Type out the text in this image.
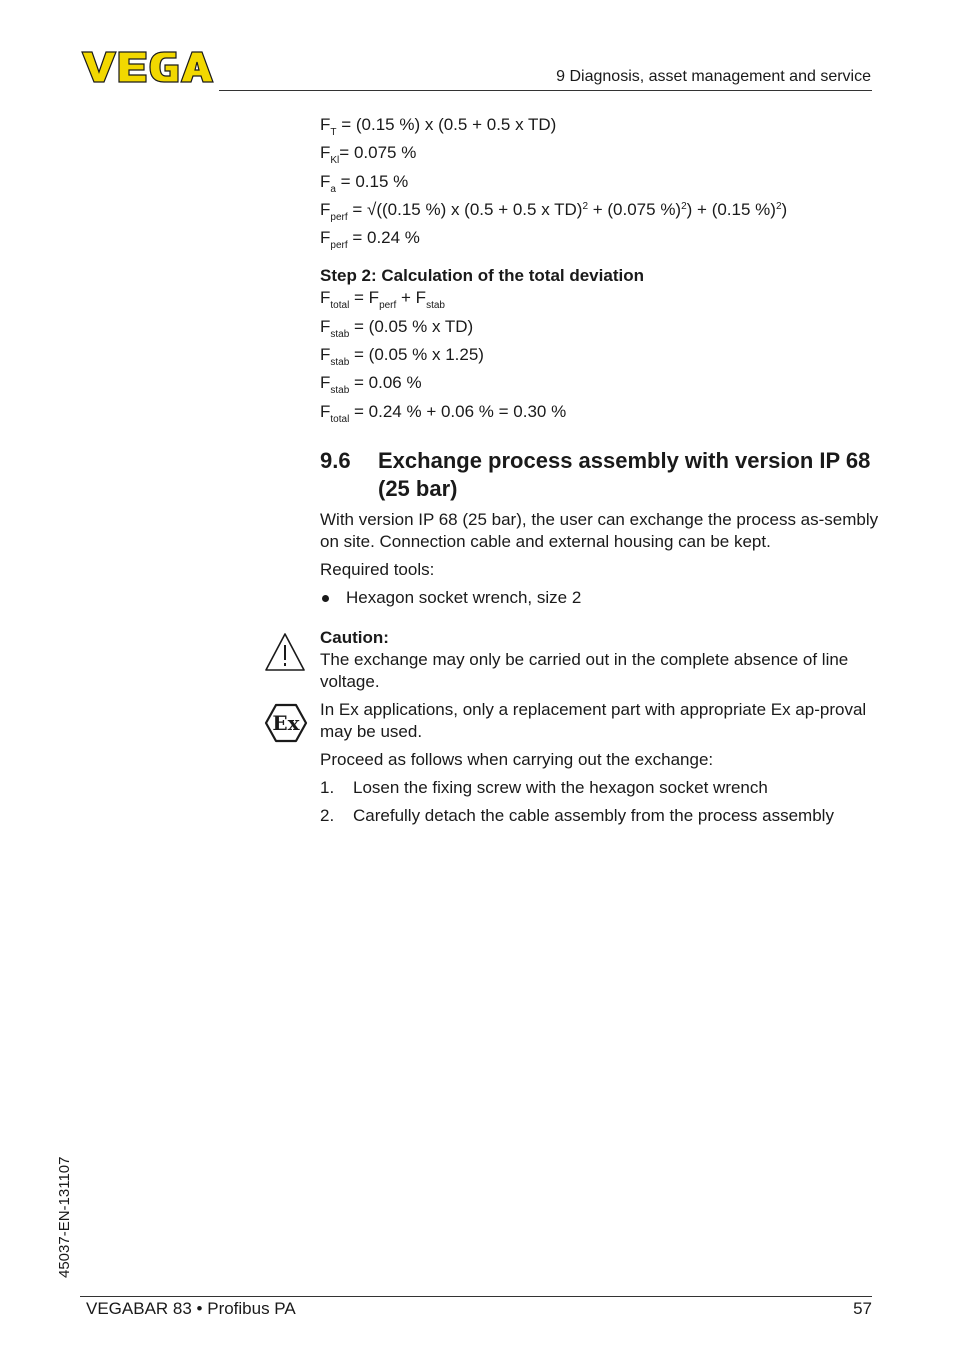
9 Diagnosis, asset management and service
Ex
$F_T = (0.15$ %) x (0.5 + 0.5 x TD)
$F_{Kl}= 0.075$ %
$F_a = 0.15$ %
$F_{perf} = √((0.15$ %) x (0.5 + 0.5 x TD)$^2$ + (0.075 %)$^2$) + (0.15 %)$^2$)
$F_{perf} = 0.24$ %
Step 2: Calculation of the total deviation
$F_{total} = F_{perf} + F_{stab}$
$F_{stab} = (0.05$ % x TD)
$F_{stab} = (0.05$ % x 1.25)
$F_{stab} = 0.06$ %
$F_{total} = 0.24$ % + 0.06 % = 0.30 %
9.6 Exchange process assembly with version IP 68 (25 bar)

With version IP 68 (25 bar), the user can exchange the process as-sembly on site. Connection cable and external housing can be kept.

Required tools:

Hexagon socket wrench, size 2
Caution:

The exchange may only be carried out in the complete absence of line voltage.

In Ex applications, only a replacement part with appropriate Ex ap-proval may be used.

Proceed as follows when carrying out the exchange:

1. Losen the fixing screw with the hexagon socket wrench
2. Carefully detach the cable assembly from the process assembly
45037-EN-131107
VEGABAR 83 • Profibus PA	57
